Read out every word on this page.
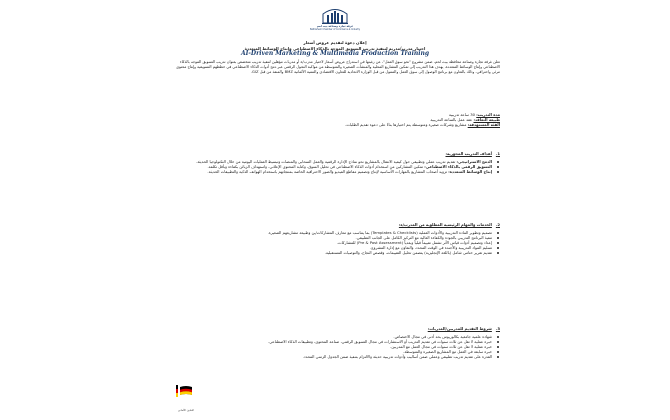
غرفة تجارة وصناعة بيت لحم
Bethlehem Chamber of Commerce & Industry
إعلان دعوة لتقديم عروض أسعار
اختيار مدرب/مدربة لتنفيذ تدريب التسويق الموجه بالذكاء الاصطناعي وإنتاج الوسائط المتعددة
AI-Driven Marketing & Multimedia Production Training
تعلن غرفة تجارة وصناعة محافظة بيت لحم، ضمن مشروع "نحو سوق العمل"، عن رغبتها في استدراج عروض أسعار لاختيار مدرب/ة أو مدربات مؤهلين لتنفيذ تدريب متخصص بعنوان تدريب التسويق الموجه بالذكاء الاصطناعي وإنتاج الوسائط المتعددة، يهدف هذا التدريب إلى تمكين المشاريع المحلية والمنشآت الصغيرة والمتوسطة من مواكبة التحول الرقمي عبر دمج أدوات الذكاء الاصطناعي في خططهم التسويقية وإنتاج محتوى مرئي واحترافي، وذلك بالتعاون مع برنامج الوصول إلى سوق العمل والممول من قبل الوزارة الاتحادية للتعاون الاقتصادي والتنمية الألمانية BMZ والمنفذ من قبل GIZ.
مدة التدريب: 30 ساعة تدريبية
طبيعة التعاقد: عقد عمل بالساعة التدريبية
الفئة المستهدفة: مشاريع وشركات صغيرة ومتوسطة يتم اختيارها بناءً على دعوة تقديم الطلبات.
1.أهداف التدريب المحورية:
الدمج الاستراتيجي: تقديم تدريب عملي وتطبيقي حول كيفية الانتقال بالمشاريع نحو نماذج الإدارة الرقمية والعمل السحابي والمنصات وتبسيط العمليات اليومية من خلال التكنولوجيا الحديثة.
التسويق الرقمي بالذكاء الاصطناعي: تمكين المشاركين من استخدام أدوات الذكاء الاصطناعي في تحليل السوق، وكتابة المحتوى الإعلاني، واستهداف الزبائن بكفاءة وبأقل تكلفة.
إنتاج الوسائط المتعددة: تزويد أصحاب المشاريع بالمهارات الأساسية لإنتاج وتصميم مقاطع الفيديو والصور الاحترافية الخاصة بمنتجاتهم باستخدام الهواتف الذكية والتطبيقات الحديثة.
2.الخدمات والمهام الرئيسية المطلوبة من المدرب/ة:
تصميم وتطوير المادة التدريبية والأدوات العملية (Templates & Checklists) بما يتناسب مع معارف المشاركات/ين وطبيعة مشاريعهم الصغيرة.
تنفيذ البرنامج التدريبي بالجودة والكفاءة العالية مع التركيز الكامل على الجانب التطبيقي.
إعداد وتصميم أدوات قياس الأثر تشمل تقييماً قبلياً وبعدياً (Pre & Post Assessment) للمشاركات.
تسليم المواد التدريبية والأجندة في الوقت المحدد، والتعاون مع إدارة المشروع.
تقديم تقرير ختامي شامل (باللغة الإنجليزية) يتضمن تحليل التقييمات، وقصص النجاح، والتوصيات المستقبلية.
3.شروط التقديم للمدربين/المدربات:
شهادة علمية جامعية بكالوريوس بحد أدنى في مجال الاختصاص.
خبرة عملية لا تقل عن ثلاث سنوات في تقديم التدريب أو الاستشارات في مجال التسويق الرقمي، صناعة المحتوى، وتطبيقات الذكاء الاصطناعي.
خبرة عملية لا تقل عن ثلاث سنوات في مجال العمل مع المدربين.
خبرة سابقة في العمل مع المشاريع الصغيرة والمتوسطة.
القدرة على تقديم تدريب تطبيقي وعملي ضمن أساليب وأدوات تدريبية حديثة والالتزام بتنفيذ ضمن الجدول الزمني المحدد.
التعاون الألماني
